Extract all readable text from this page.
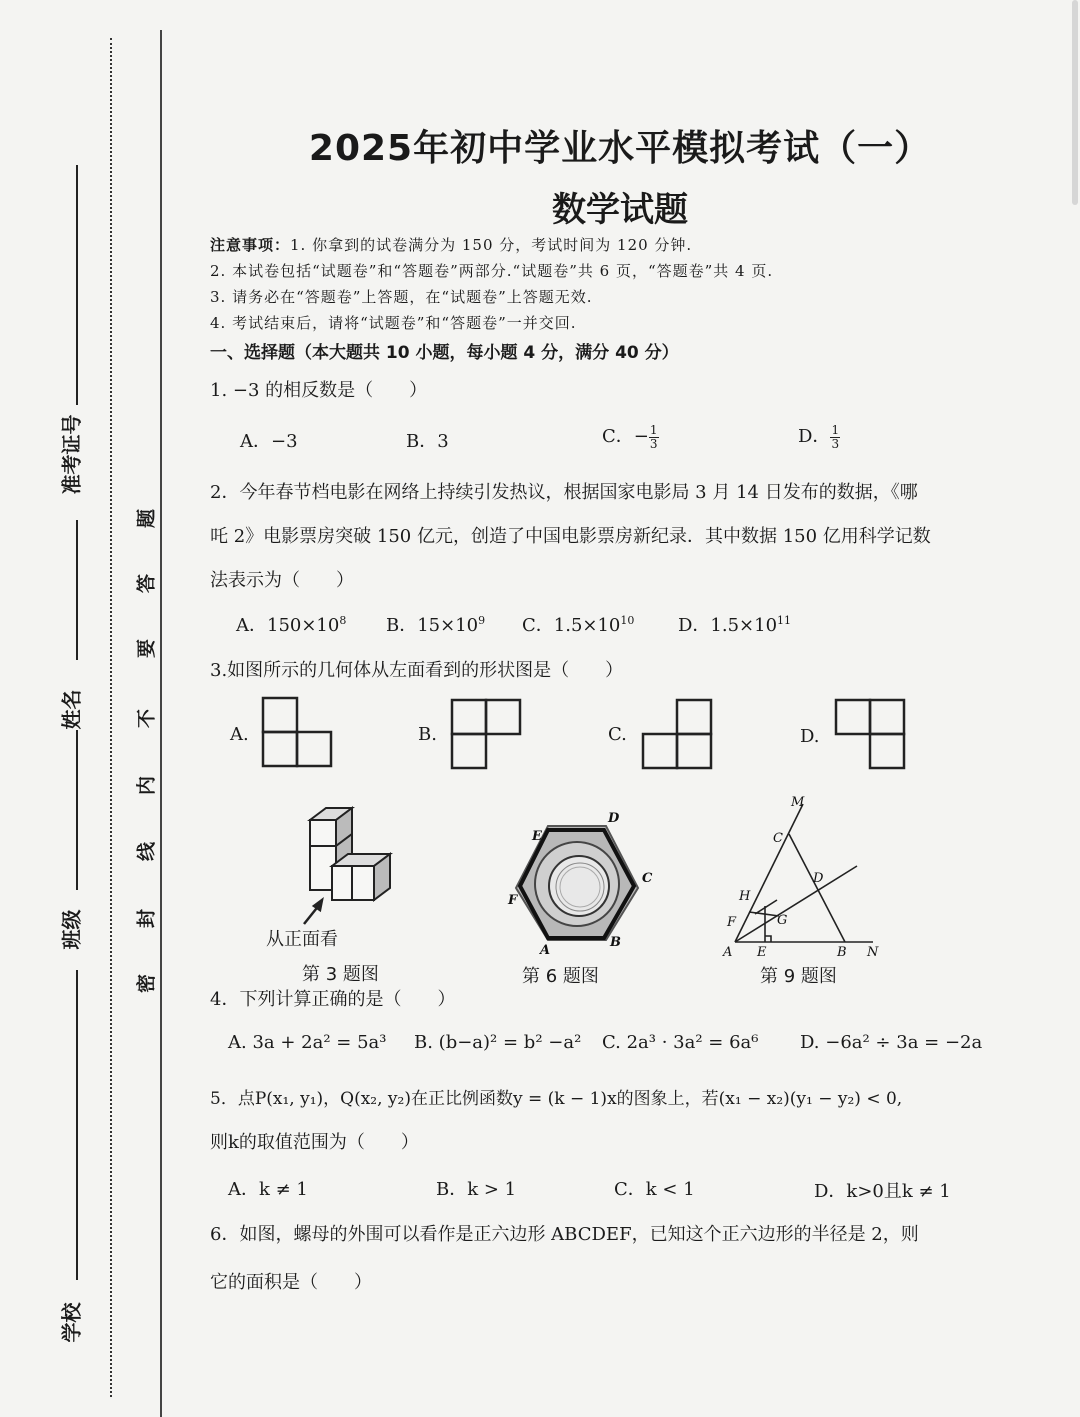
准考证号
姓名
班级
学校
题
答
要
不
内
线
封
密
2025年初中学业水平模拟考试（一）
数学试题
注意事项：1. 你拿到的试卷满分为 150 分，考试时间为 120 分钟.
2. 本试卷包括“试题卷”和“答题卷”两部分.“试题卷”共 6 页，“答题卷”共 4 页.
3. 请务必在“答题卷”上答题，在“试题卷”上答题无效.
4. 考试结束后，请将“试题卷”和“答题卷”一并交回.
一、选择题（本大题共 10 小题，每小题 4 分，满分 40 分）
1. −3 的相反数是（　　）
A．−3	B．3	C．− $\frac{1}{3}$	D． $\frac{1}{3}$
2．今年春节档电影在网络上持续引发热议，根据国家电影局 3 月 14 日发布的数据，《哪
吒 2》电影票房突破 150 亿元，创造了中国电影票房新纪录．其中数据 150 亿用科学记数
法表示为（　　）
A．$150\times 10^8$ B．$15\times 10^9$ C．$1.5\times 10^{10}$ D．$1.5\times 10^{11}$
3.如图所示的几何体从左面看到的形状图是（　　）
A.	B.	C.	D.
从正面看
第 3 题图
A
B
C
D
E
F
第 6 题图
M
C
D
H
F	G
A E	B N
第 9 题图
4．下列计算正确的是（　　）
A. 3a + 2a² = 5a³ B. (b−a)² = b² −a² C. 2a³ · 3a² = 6a⁶ D. −6a² ÷ 3a = −2a
5．点P(x₁, y₁)，Q(x₂, y₂)在正比例函数y = (k − 1)x的图象上，若(x₁ − x₂)(y₁ − y₂) < 0,
则k的取值范围为（　　）
A．k ≠ 1	B．k > 1	C．k < 1	D．k>0且k ≠ 1
6．如图，螺母的外围可以看作是正六边形 ABCDEF，已知这个正六边形的半径是 2，则
它的面积是（　　）
